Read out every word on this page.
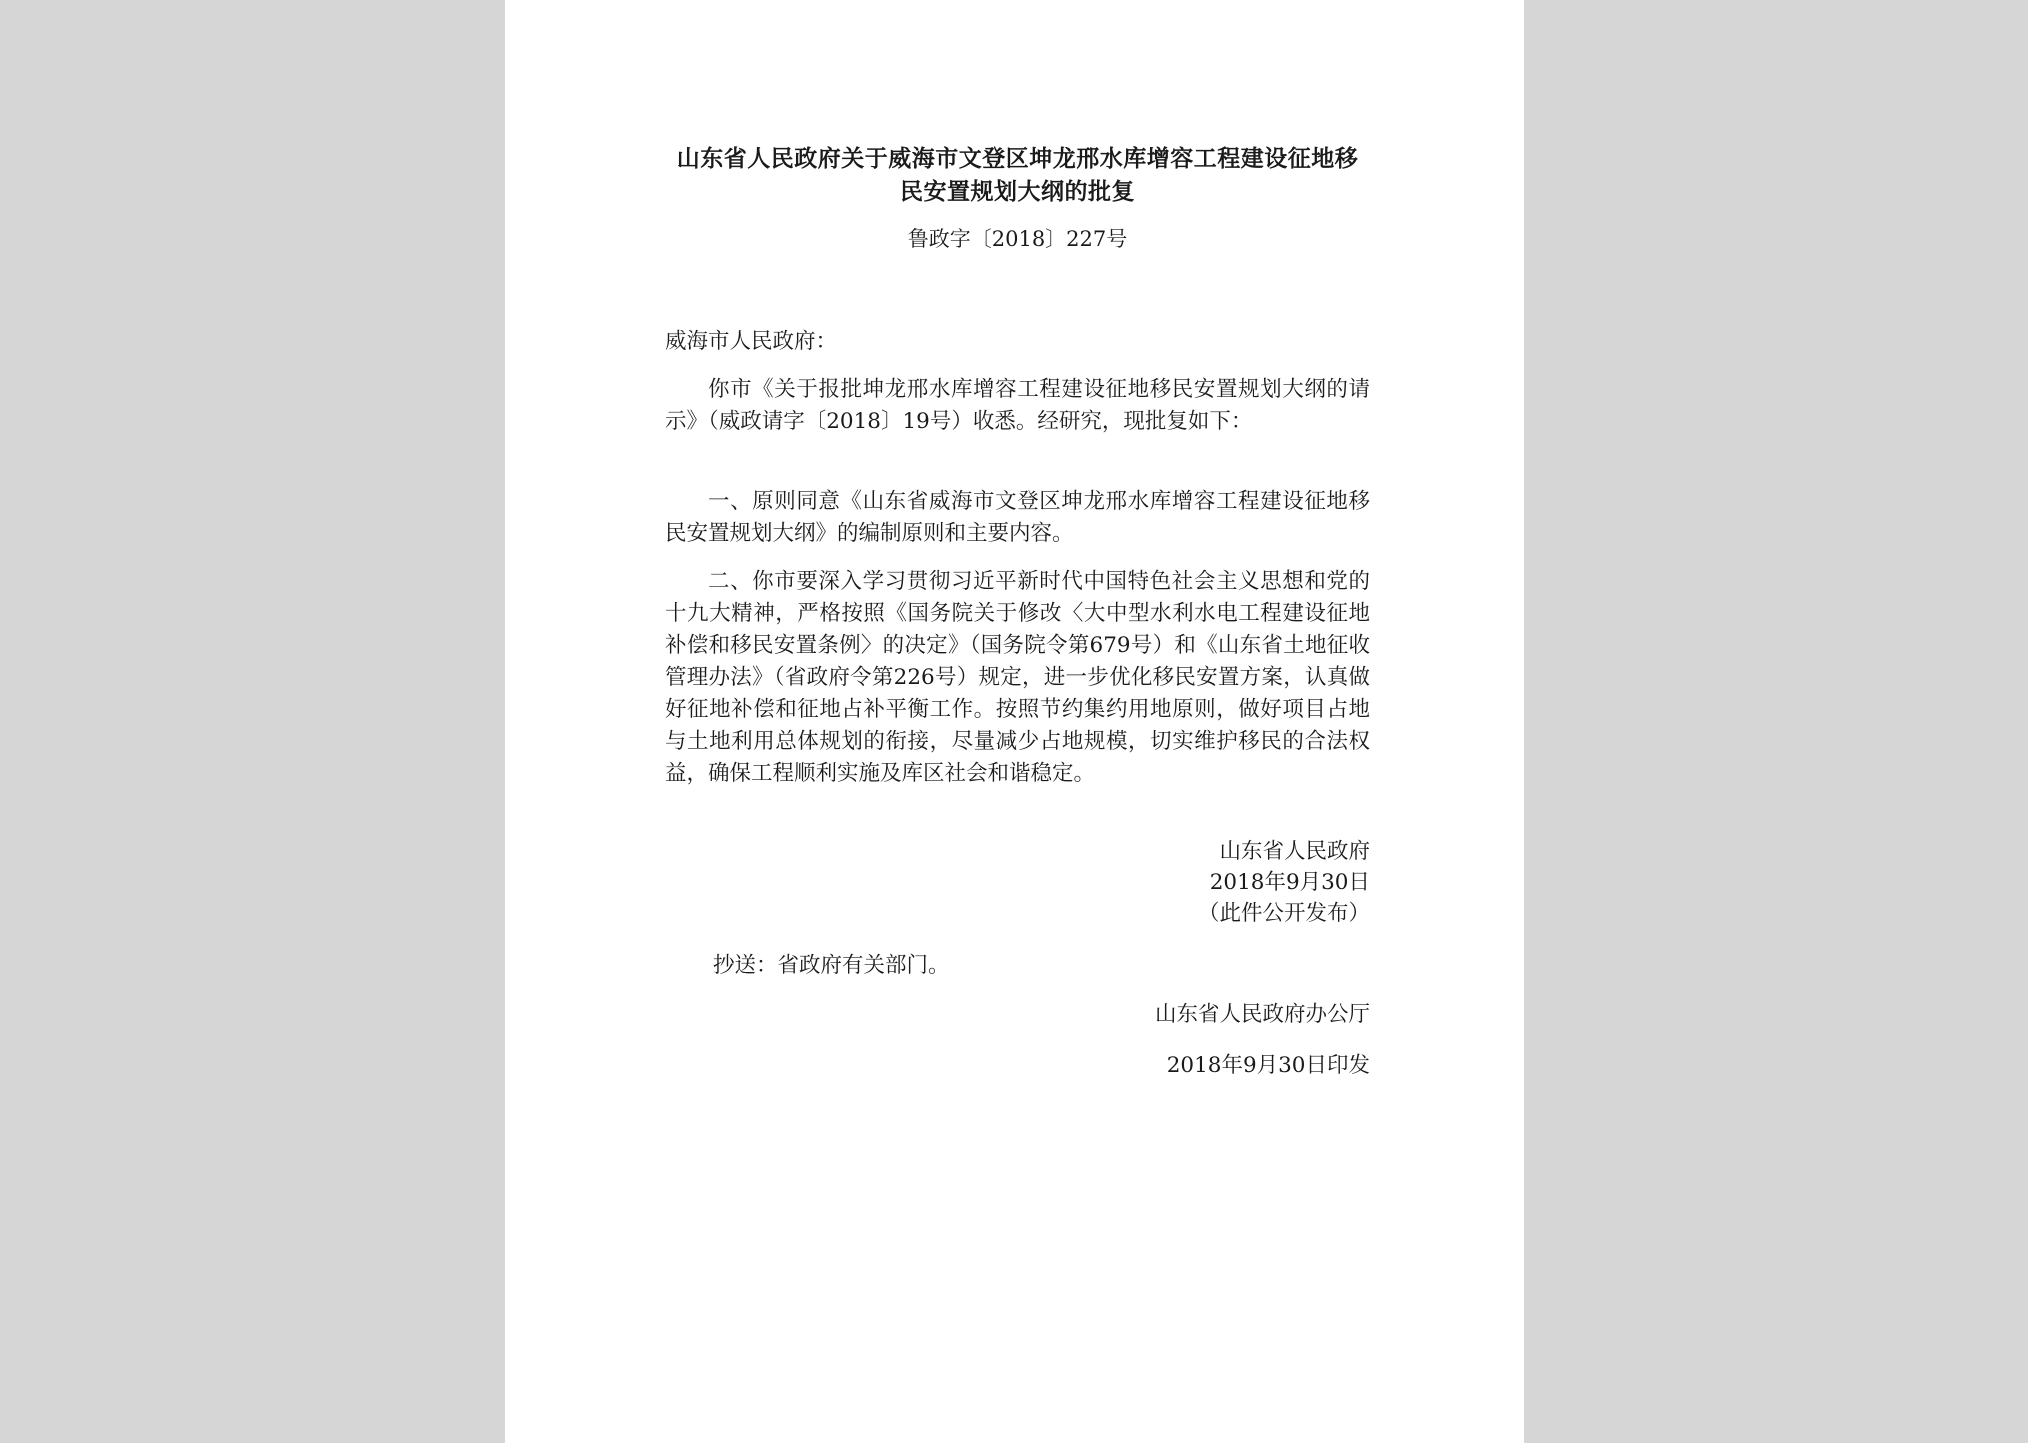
山东省人民政府关于威海市文登区坤龙邢水库增容工程建设征地移
民安置规划大纲的批复
鲁政字〔2018〕227号

威海市人民政府：

你市《关于报批坤龙邢水库增容工程建设征地移民安置规划大纲的请示》（威政请字〔2018〕19号）收悉。经研究，现批复如下：

一、原则同意《山东省威海市文登区坤龙邢水库增容工程建设征地移民安置规划大纲》的编制原则和主要内容。

二、你市要深入学习贯彻习近平新时代中国特色社会主义思想和党的十九大精神，严格按照《国务院关于修改〈大中型水利水电工程建设征地补偿和移民安置条例〉的决定》（国务院令第679号）和《山东省土地征收管理办法》（省政府令第226号）规定，进一步优化移民安置方案，认真做好征地补偿和征地占补平衡工作。按照节约集约用地原则，做好项目占地与土地利用总体规划的衔接，尽量减少占地规模，切实维护移民的合法权益，确保工程顺利实施及库区社会和谐稳定。

山东省人民政府
2018年9月30日
（此件公开发布）
抄送：省政府有关部门。
山东省人民政府办公厅
2018年9月30日印发
